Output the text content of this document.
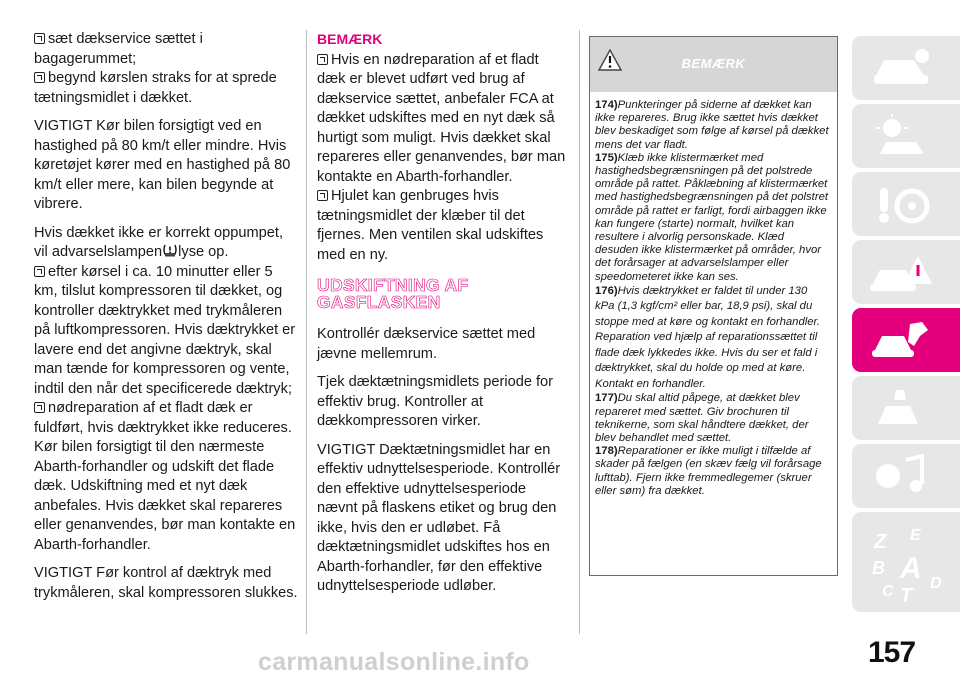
sæt dækservice sættet i bagagerummet;

begynd kørslen straks for at sprede tætningsmidlet i dækket.

VIGTIGT Kør bilen forsigtigt ved en hastighed på 80 km/t eller mindre. Hvis køretøjet kører med en hastighed på 80 km/t eller mere, kan bilen begynde at vibrere.

Hvis dækket ikke er korrekt oppumpet, vil advarselslampen lyse op.

efter kørsel i ca. 10 minutter eller 5 km, tilslut kompressoren til dækket, og kontroller dæktrykket med trykmåleren på luftkompressoren. Hvis dæktrykket er lavere end det angivne dæktryk, skal man tænde for kompressoren og vente, indtil den når det specificerede dæktryk;

nødreparation af et fladt dæk er fuldført, hvis dæktrykket ikke reduceres. Kør bilen forsigtigt til den nærmeste Abarth-forhandler og udskift det flade dæk. Udskiftning med et nyt dæk anbefales. Hvis dækket skal repareres eller genanvendes, bør man kontakte en Abarth-forhandler.

VIGTIGT Før kontrol af dæktryk med trykmåleren, skal kompressoren slukkes.

BEMÆRK

Hvis en nødreparation af et fladt dæk er blevet udført ved brug af dækservice sættet, anbefaler FCA at dækket udskiftes med en nyt dæk så hurtigt som muligt. Hvis dækket skal repareres eller genanvendes, bør man kontakte en Abarth-forhandler.

Hjulet kan genbruges hvis tætningsmidlet der klæber til det fjernes. Men ventilen skal udskiftes med en ny.

UDSKIFTNING AF GASFLASKEN

Kontrollér dækservice sættet med jævne mellemrum.

Tjek dæktætningsmidlets periode for effektiv brug. Kontroller at dækkompressoren virker.

VIGTIGT Dæktætningsmidlet har en effektiv udnyttelsesperiode. Kontrollér den effektive udnyttelsesperiode nævnt på flaskens etiket og brug den ikke, hvis den er udløbet. Få dæktætningsmidlet udskiftes hos en Abarth-forhandler, før den effektive udnyttelsesperiode udløber.

BEMÆRK

174)Punkteringer på siderne af dækket kan ikke repareres. Brug ikke sættet hvis dækket blev beskadiget som følge af kørsel på dækket mens det var fladt.

175)Klæb ikke klistermærket med hastighedsbegrænsningen på det polstrede område på rattet. Påklæbning af klistermærket med hastighedsbegrænsningen på det polstret område på rattet er farligt, fordi airbaggen ikke kan fungere (starte) normalt, hvilket kan resultere i alvorlig personskade. Klæd desuden ikke klistermærket på områder, hvor det forårsager at advarselslamper eller speedometeret ikke kan ses.

176)Hvis dæktrykket er faldet til under 130 kPa (1,3 kgf/cm² eller bar, 18,9 psi), skal du stoppe med at køre og kontakt en forhandler. Reparation ved hjælp af reparationssættet til flade dæk lykkedes ikke. Hvis du ser et fald i dæktrykket, skal du holde op med at køre. Kontakt en forhandler.

177)Du skal altid påpege, at dækket blev repareret med sættet. Giv brochuren til teknikerne, som skal håndtere dækket, der blev behandlet med sættet.

178)Reparationer er ikke muligt i tilfælde af skader på fælgen (en skæv fælg vil forårsage lufttab). Fjern ikke fremmedlegemer (skruer eller søm) fra dækket.

Z E
B A
C T
D
157
carmanualsonline.info
